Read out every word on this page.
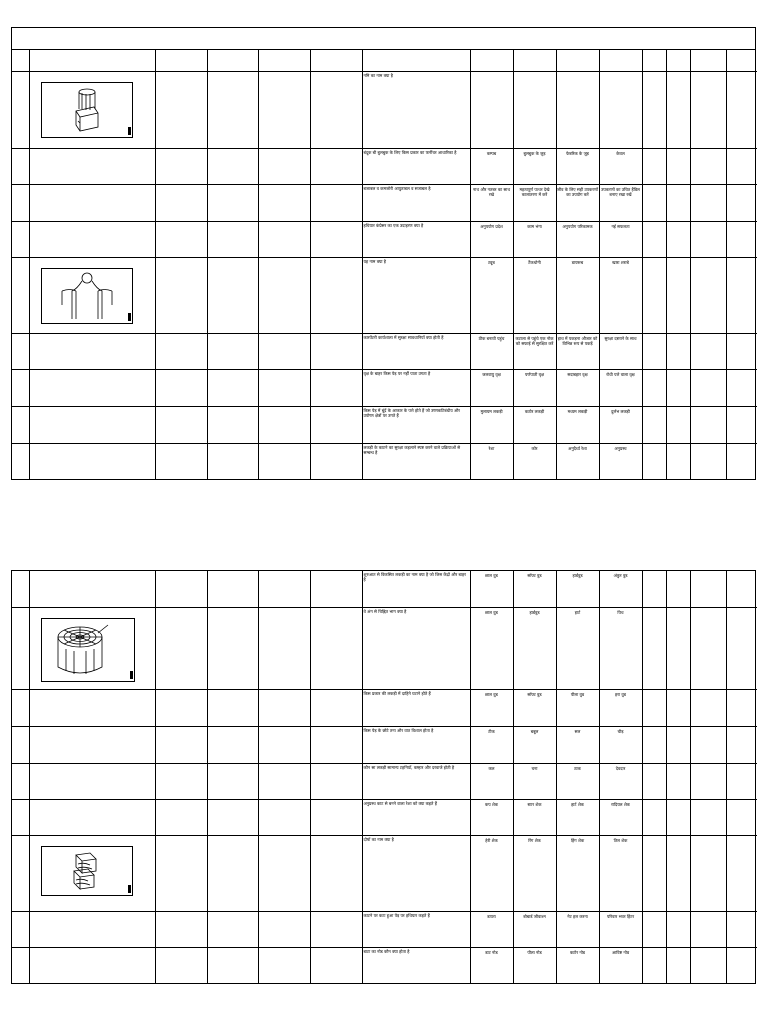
					नमि का नाम क्या है								
						बंदूक बी बुलबुक के लिए किस प्रकार का फर्नीचर आधारिका है	कम्पब	बुलबुक के जुड़	फेबरिक के जुड़	केवल				
						बजाबल व कमजोरी आयुताबल व सजाबल है	नाथ और नतबर का साथ रखे	महत्वपूर्ण पत्थर देखे कालातरण में करें	जीव के लिए सही उपकरणों का उपयोग करें	उपकरणों का उचित हैंडिल बनाए रखा रखें				
						हथियार कंप्रेसर का एक उदाहरण क्या है	अनुपयोग प्रदेश	काम भंगा	अनुपयोग परिकामक	नई सफलता				

					यह नाम क्या है	ट्यूब	टैंकथोनी	डायरूब	खारा शराबे				
						कारपेंटरी कार्यशाला में सुरक्षा सावधानियाँ क्या होती हैं	ठीक बनावी पहुंच	कटाला से पहुंचे एक नोक को सफाई से सुरक्षित करें	हाथ में पकड़ना औजार को विभिन्न रूप से पकड़ें	सुरक्षा दस्ताने के साथ				
						वृक्ष के बाहर किस पेड़ पर नहीं पाता उगता है	जलवायु वृक्ष	पर्णपाती वृक्ष	सदाबहार वृक्ष	रोधी पत्ते वाला वृक्ष				
						किस पेड़ में बूंदें के आकार के पत्ते होते हैं जो उष्णकटिबंधीय और उपोष्ण क्षेत्रों पर उगते हैं	मुलायम लकड़ी	कठोर लकड़ी	मध्यम लकड़ी	दुर्लभ लकड़ी				
						लकड़ी के काटने का सुरक्षा कहलाने स्पष्ट करने वाले प्रक्रियाओं से सम्बन्ध है	रेशा	कोर	अनुदैर्ध्य रेशा	अनुप्रस्थ				
						शुरुआत से विकसित लकड़ी का नाम क्या है जो जिस केंद्रों और बाहर है	छाल वुड	सॉफ्ट वुड	हार्डवुड	अंकुर वुड				

					वे अंग से चिह्नित भाग क्या है	छाल वुड	हार्डवुड	हार्ट	पिथ				
						किस प्रकार की लकड़ी में दाहिने घटाने होते हैं	छाल वुड	सॉफ्ट वुड	पीला वुड	हरा वुड				
						किस पेड़ के छोटे तना और वात विशाल होता है	टीक	बबूल	सल	चीड़				
						कौन सा लकड़ी सामान्य टहनियाँ, कम्हार और दरवाजे होती है	कल	चना	ठाक	देवदार				
						अनुप्रस्थ काट से बनने वाला रेशा को क्या कहते हैं	कप शेक	स्टार शेक	हार्ट शेक	रादियल शेक				

					दोषों का नाम क्या है	हेरी शेक	रिंग शेक	हिंग शेक	तिल शेक				
						काटने पर कटा हुआ पेड़ पर हथियार कहते हैं	डायरा	बोबार्ड जीवाश्म	नेट हल करना	परिवार भवर हिंटर				
						बाटा का नोड कौन क्या होता है	डाट नोड	पीला नोड	कटोर नोड	आविष्ट नोड				
